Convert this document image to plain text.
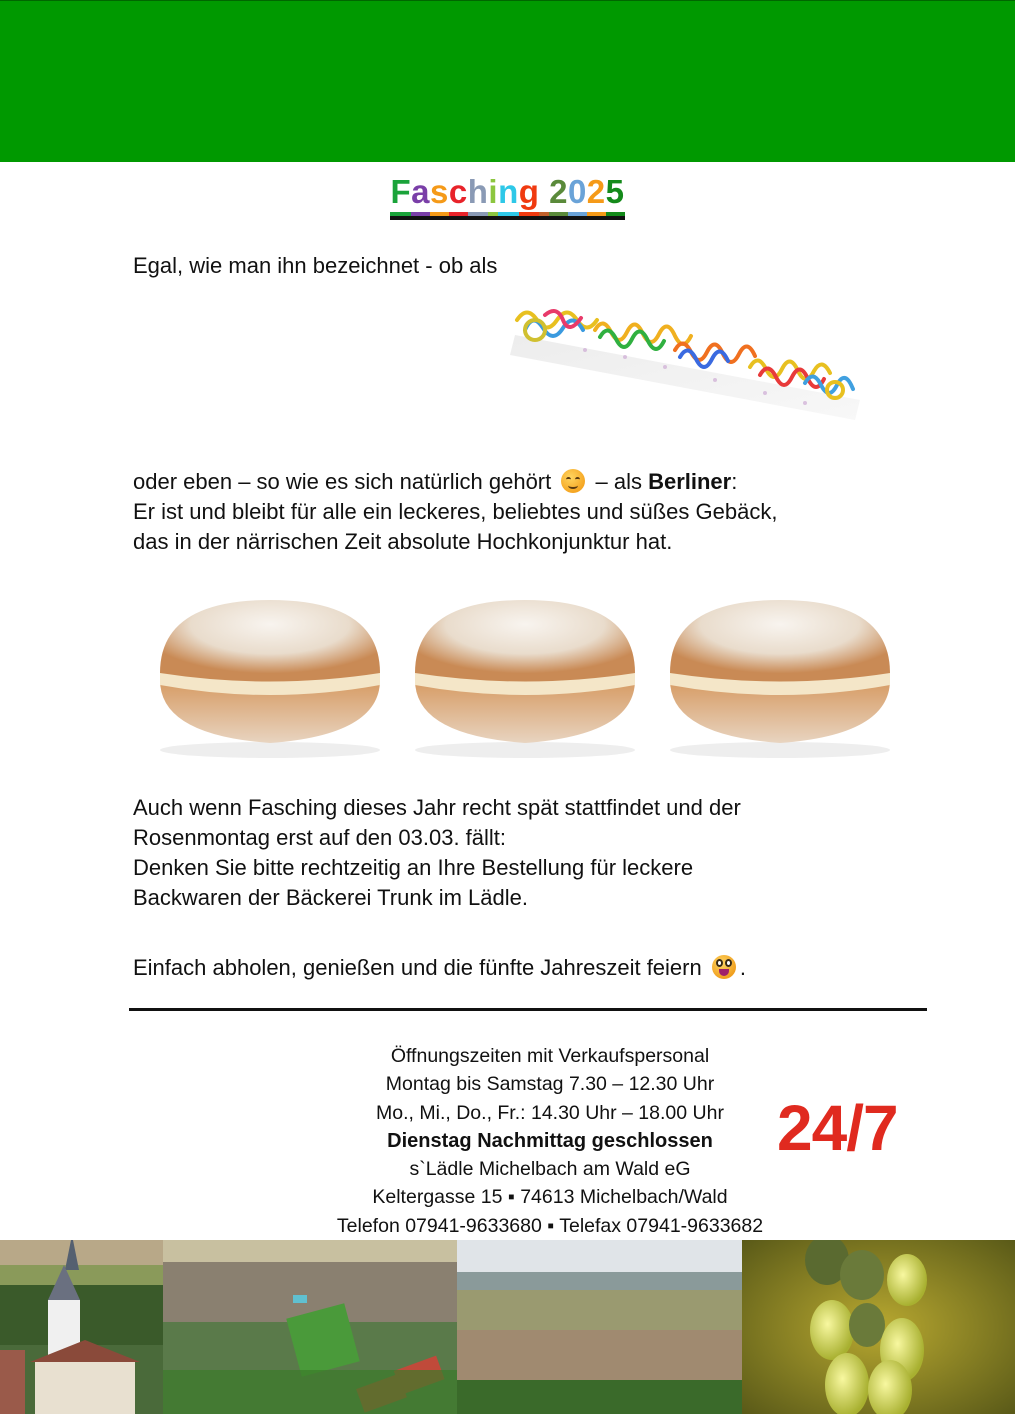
Fasching 2025
Egal, wie man ihn bezeichnet - ob als
oder eben – so wie es sich natürlich gehört
– als Berliner:
Er ist und bleibt für alle ein leckeres, beliebtes und süßes Gebäck,
das in der närrischen Zeit absolute Hochkonjunktur hat.
Auch wenn Fasching dieses Jahr recht spät stattfindet und der
Rosenmontag erst auf den 03.03. fällt:
Denken Sie bitte rechtzeitig an Ihre Bestellung für leckere
Backwaren der Bäckerei Trunk im Lädle.
Einfach abholen, genießen und die fünfte Jahreszeit feiern .
Öffnungszeiten mit Verkaufspersonal
Montag bis Samstag 7.30 – 12.30 Uhr
Mo., Mi., Do., Fr.: 14.30 Uhr – 18.00 Uhr
Dienstag Nachmittag geschlossen
s`Lädle Michelbach am Wald eG
Keltergasse 15 ▪ 74613 Michelbach/Wald
Telefon 07941-9633680 ▪ Telefax 07941-9633682
24/7
